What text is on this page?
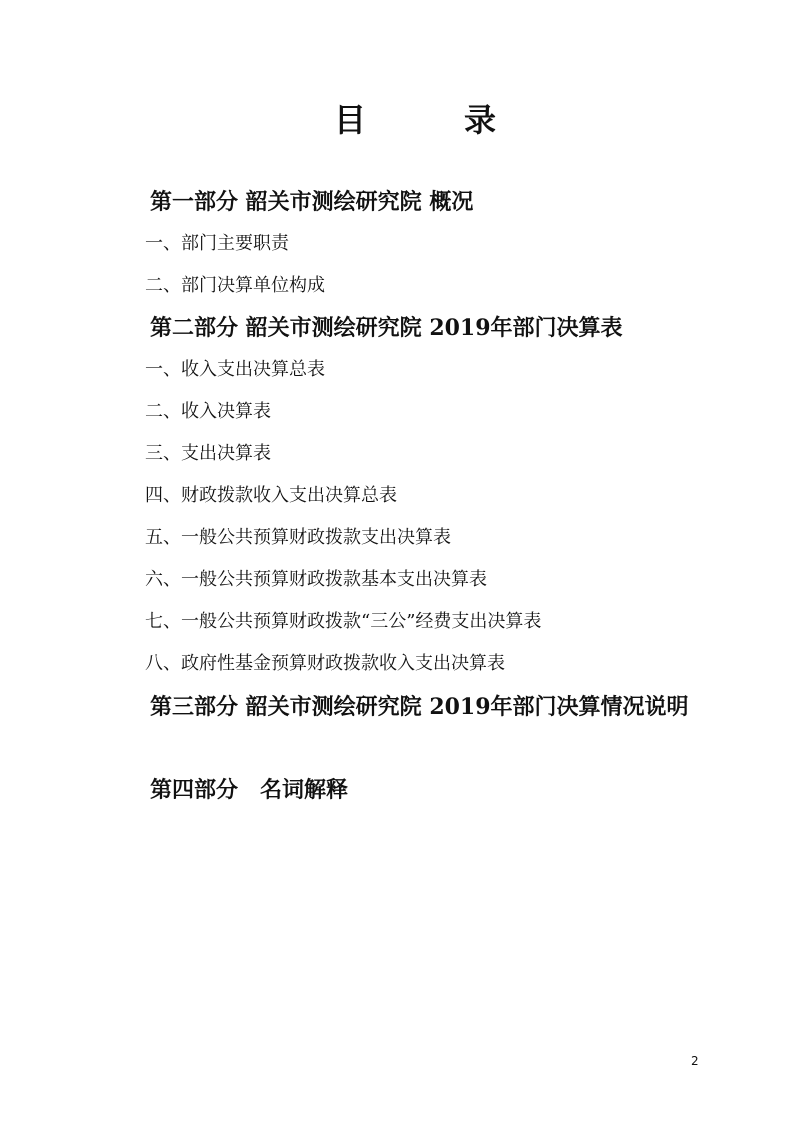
目	录
第一部分 韶关市测绘研究院 概况
一、部门主要职责
二、部门决算单位构成
第二部分 韶关市测绘研究院 2019年部门决算表
一、收入支出决算总表
二、收入决算表
三、支出决算表
四、财政拨款收入支出决算总表
五、一般公共预算财政拨款支出决算表
六、一般公共预算财政拨款基本支出决算表
七、一般公共预算财政拨款“三公”经费支出决算表
八、政府性基金预算财政拨款收入支出决算表
第三部分 韶关市测绘研究院 2019年部门决算情况说明
第四部分　名词解释
2
